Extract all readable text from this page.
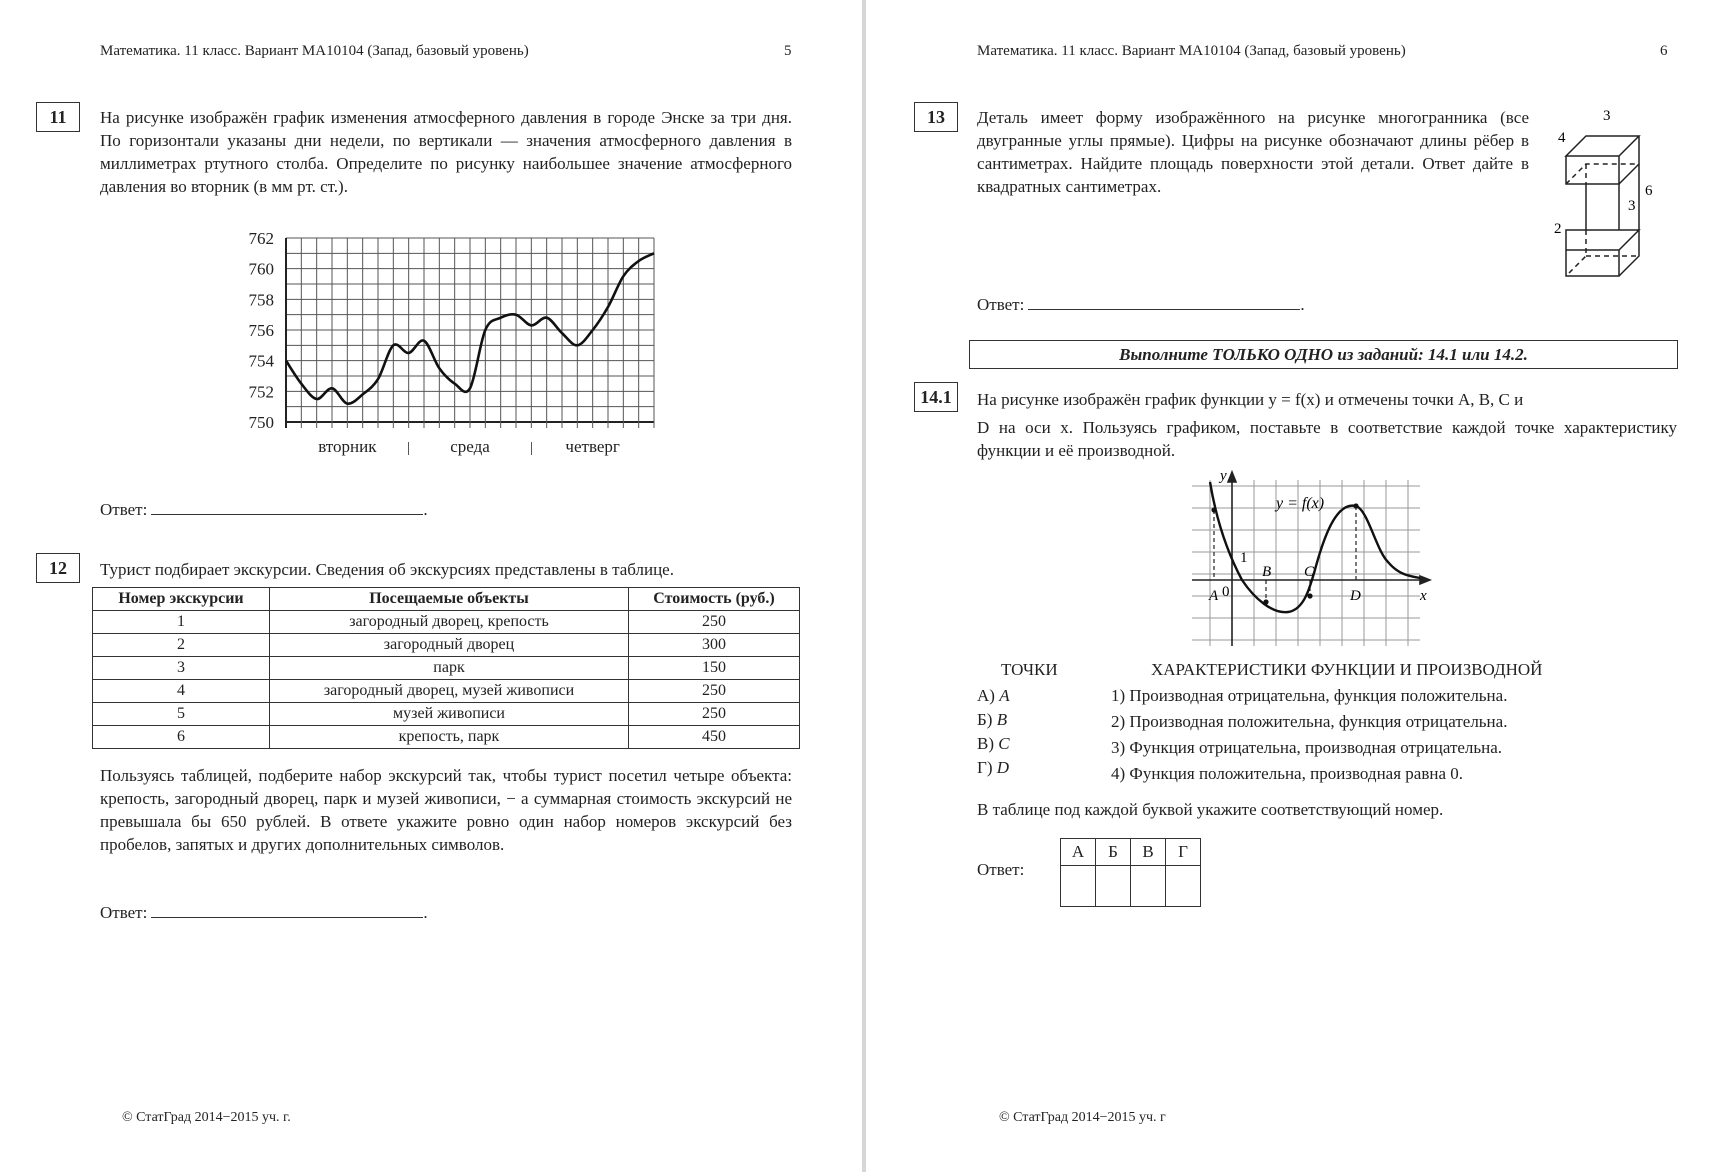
Математика. 11 класс. Вариант МА10104 (Запад, базовый уровень)	5
11	На рисунке изображён график изменения атмосферного давления в городе Энске за три дня. По горизонтали указаны дни недели, по вертикали — значения атмосферного давления в миллиметрах ртутного столба. Определите по рисунку наибольшее значение атмосферного давления во вторник (в мм рт. ст.).
762
760
758
756
754
752
750
вторник	среда	четверг
|	|
Ответ:	.
12	Турист подбирает экскурсии. Сведения об экскурсиях представлены в таблице.
Номер экскурсии	Посещаемые объекты	Стоимость (руб.)
1	загородный дворец, крепость	250
2	загородный дворец	300
3	парк	150
4	загородный дворец, музей живописи	250
5	музей живописи	250
6	крепость, парк	450
Пользуясь таблицей, подберите набор экскурсий так, чтобы турист посетил четыре объекта: крепость, загородный дворец, парк и музей живописи, − а суммарная стоимость экскурсий не превышала бы 650 рублей. В ответе укажите ровно один набор номеров экскурсий без пробелов, запятых и других дополнительных символов.
Ответ:	.
© СтатГрад 2014−2015 уч. г.
Математика. 11 класс. Вариант МА10104 (Запад, базовый уровень)	6
13	Деталь имеет форму изображённого на рисунке многогранника (все двугранные углы прямые). Цифры на рисунке обозначают длины рёбер в сантиметрах. Найдите площадь поверхности этой детали. Ответ дайте в квадратных сантиметрах.
3
4
6
3
2
Ответ:	.
Выполните ТОЛЬКО ОДНО из заданий: 14.1 или 14.2.
14.1	На рисунке изображён график функции y = f(x) и отмечены точки A, B, C и
D на оси x. Пользуясь графиком, поставьте в соответствие каждой точке характеристику функции и её производной.
y
x
y = f(x)
1
0
A
B C
D
ТОЧКИ	ХАРАКТЕРИСТИКИ ФУНКЦИИ И ПРОИЗВОДНОЙ
А) A
Б) B
В) C
Г) D
1) Производная отрицательна, функция положительна.
2) Производная положительна, функция отрицательна.
3) Функция отрицательна, производная отрицательна.
4) Функция положительна, производная равна 0.
В таблице под каждой буквой укажите соответствующий номер.
Ответ:
А	Б	В	Г

© СтатГрад 2014−2015 уч. г
